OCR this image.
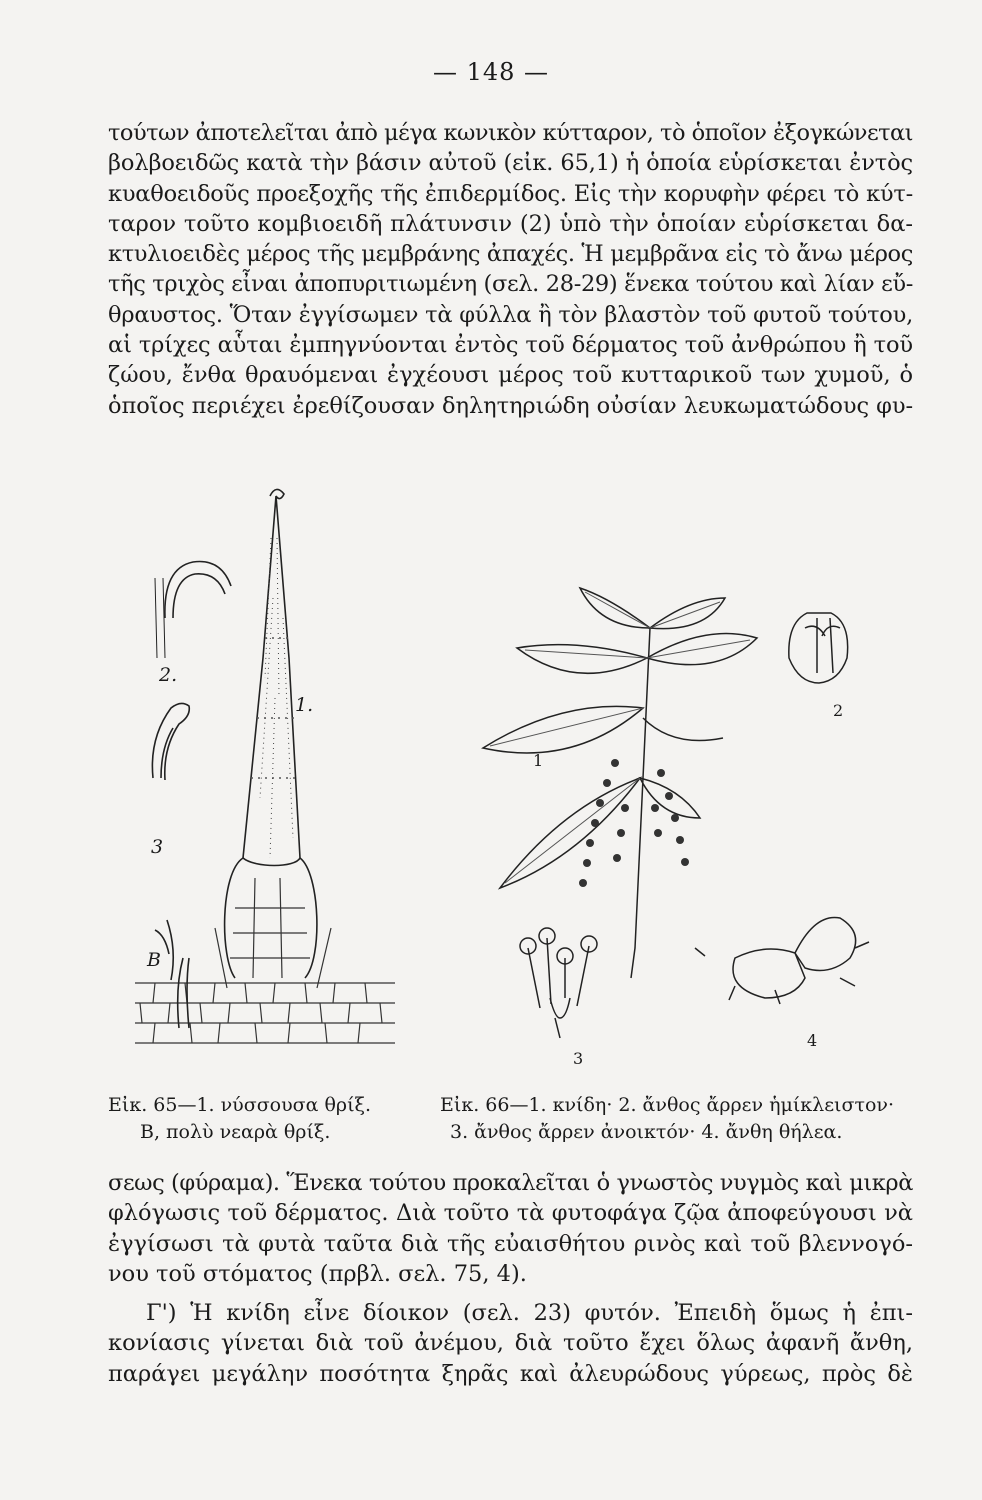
— 148 —
τούτων ἀποτελεῖται ἀπὸ μέγα κωνικὸν κύτταρον, τὸ ὁποῖον ἐξογκώνεται
βολβοειδῶς κατὰ τὴν βάσιν αὐτοῦ (εἰκ. 65,1) ἡ ὁποία εὑρίσκεται ἐντὸς
κυαθοειδοῦς προεξοχῆς τῆς ἐπιδερμίδος. Εἰς τὴν κορυφὴν φέρει τὸ κύτ-
ταρον τοῦτο κομβιοειδῆ πλάτυνσιν (2) ὑπὸ τὴν ὁποίαν εὑρίσκεται δα-
κτυλιοειδὲς μέρος τῆς μεμβράνης ἀπαχές. Ἡ μεμβρᾶνα εἰς τὸ ἄνω μέρος
τῆς τριχὸς εἶναι ἀποπυριτιωμένη (σελ. 28-29) ἕνεκα τούτου καὶ λίαν εὔ-
θραυστος. Ὅταν ἐγγίσωμεν τὰ φύλλα ἢ τὸν βλαστὸν τοῦ φυτοῦ τούτου,
αἱ τρίχες αὗται ἐμπηγνύονται ἐντὸς τοῦ δέρματος τοῦ ἀνθρώπου ἢ τοῦ
ζώου, ἔνθα θραυόμεναι ἐγχέουσι μέρος τοῦ κυτταρικοῦ των χυμοῦ, ὁ
ὁποῖος περιέχει ἐρεθίζουσαν δηλητηριώδη οὐσίαν λευκωματώδους φυ-
1.
2.
3
B
1
2
3
4
Εἰκ. 65—1. νύσσουσα θρίξ.
B, πολὺ νεαρὰ θρίξ.
Εἰκ. 66—1. κνίδη· 2. ἄνθος ἄρρεν ἡμίκλειστον·
3. ἄνθος ἄρρεν ἀνοικτόν· 4. ἄνθη θήλεα.
σεως (φύραμα). Ἕνεκα τούτου προκαλεῖται ὁ γνωστὸς νυγμὸς καὶ μικρὰ
φλόγωσις τοῦ δέρματος. Διὰ τοῦτο τὰ φυτοφάγα ζῷα ἀποφεύγουσι νὰ
ἐγγίσωσι τὰ φυτὰ ταῦτα διὰ τῆς εὐαισθήτου ρινὸς καὶ τοῦ βλεννογό-
νου τοῦ στόματος (πρβλ. σελ. 75, 4).
Γ') Ἡ κνίδη εἶνε δίοικον (σελ. 23) φυτόν. Ἐπειδὴ ὅμως ἡ ἐπι-
κονίασις γίνεται διὰ τοῦ ἀνέμου, διὰ τοῦτο ἔχει ὅλως ἀφανῆ ἄνθη,
παράγει μεγάλην ποσότητα ξηρᾶς καὶ ἀλευρώδους γύρεως, πρὸς δὲ
